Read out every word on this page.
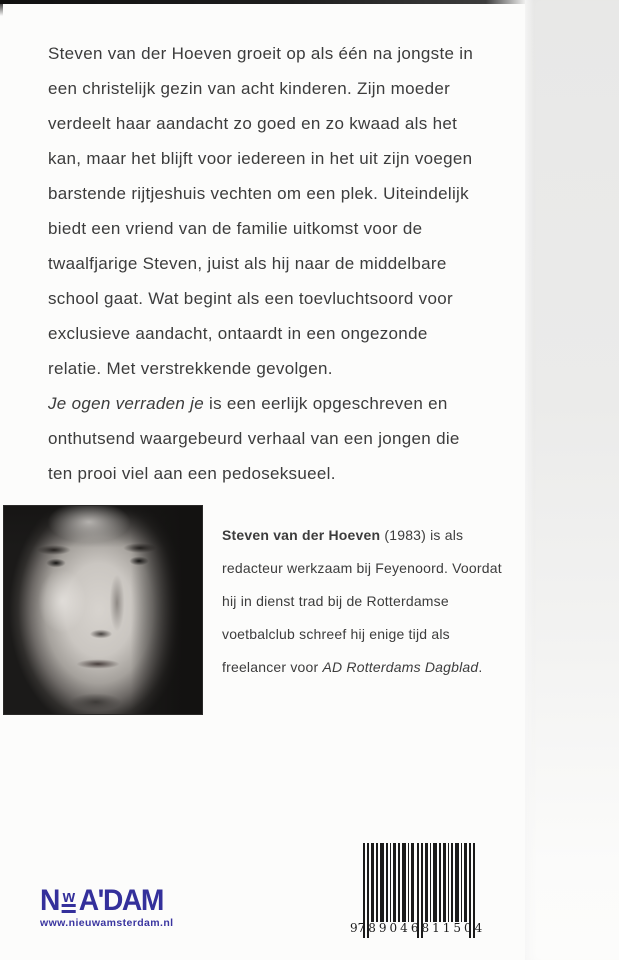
Steven van der Hoeven groeit op als één na jongste in
een christelijk gezin van acht kinderen. Zijn moeder
verdeelt haar aandacht zo goed en zo kwaad als het
kan, maar het blijft voor iedereen in het uit zijn voegen
barstende rijtjeshuis vechten om een plek. Uiteindelijk
biedt een vriend van de familie uitkomst voor de
twaalfjarige Steven, juist als hij naar de middelbare
school gaat. Wat begint als een toevluchtsoord voor
exclusieve aandacht, ontaardt in een ongezonde
relatie. Met verstrekkende gevolgen.
Je ogen verraden je is een eerlijk opgeschreven en
onthutsend waargebeurd verhaal van een jongen die
ten prooi viel aan een pedoseksueel.
Steven van der Hoeven (1983) is als
redacteur werkzaam bij Feyenoord. Voordat
hij in dienst trad bij de Rotterdamse
voetbalclub schreef hij enige tijd als
freelancer voor AD Rotterdams Dagblad.
N w A'DAM
www.nieuwamsterdam.nl	9 789046 811504
